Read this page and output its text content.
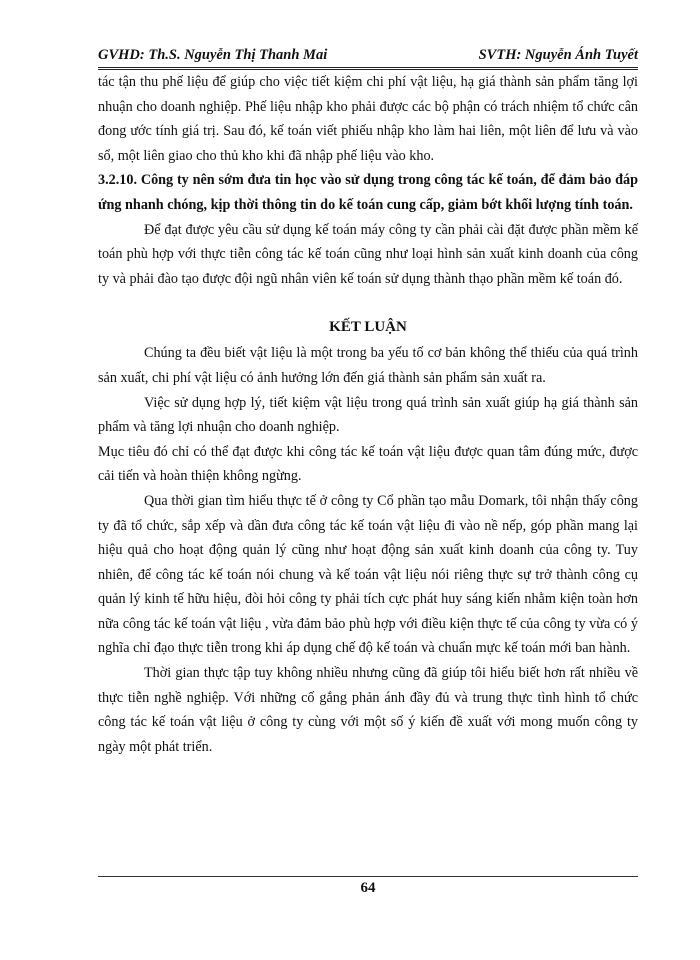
GVHD: Th.S. Nguyễn Thị Thanh Mai	SVTH: Nguyễn Ánh Tuyết

tác tận thu phế liệu để giúp cho việc tiết kiệm chi phí vật liệu, hạ giá thành sản phẩm tăng lợi nhuận cho doanh nghiệp. Phế liệu nhập kho phải được các bộ phận có trách nhiệm tổ chức cân đong ước tính giá trị. Sau đó, kế toán viết phiếu nhập kho làm hai liên, một liên để lưu và vào sổ, một liên giao cho thủ kho khi đã nhập phế liệu vào kho.

3.2.10. Công ty nên sớm đưa tin học vào sử dụng trong công tác kế toán, để đảm bảo đáp ứng nhanh chóng, kịp thời thông tin do kế toán cung cấp, giảm bớt khối lượng tính toán.

Để đạt được yêu cầu sử dụng kế toán máy công ty cần phải cài đặt được phần mềm kế toán phù hợp với thực tiễn công tác kế toán cũng như loại hình sản xuất kinh doanh của công ty và phải đào tạo được đội ngũ nhân viên kế toán sử dụng thành thạo phần mềm kế toán đó.

KẾT LUẬN

Chúng ta đều biết vật liệu là một trong ba yếu tố cơ bản không thể thiếu của quá trình sản xuất, chi phí vật liệu có ảnh hưởng lớn đến giá thành sản phẩm sản xuất ra.

Việc sử dụng hợp lý, tiết kiệm vật liệu trong quá trình sản xuất giúp hạ giá thành sản phẩm và tăng lợi nhuận cho doanh nghiệp.

Mục tiêu đó chỉ có thể đạt được khi công tác kế toán vật liệu được quan tâm đúng mức, được cải tiến và hoàn thiện không ngừng.

Qua thời gian tìm hiểu thực tế ở công ty Cổ phần tạo mẫu Domark, tôi nhận thấy công ty đã tổ chức, sắp xếp và dần đưa công tác kế toán vật liệu đi vào nề nếp, góp phần mang lại hiệu quả cho hoạt động quản lý cũng như hoạt động sản xuất kinh doanh của công ty. Tuy nhiên, để công tác kế toán nói chung và kế toán vật liệu nói riêng thực sự trở thành công cụ quản lý kinh tế hữu hiệu, đòi hỏi công ty phải tích cực phát huy sáng kiến nhằm kiện toàn hơn nữa công tác kế toán vật liệu , vừa đảm bảo phù hợp với điều kiện thực tế của công ty vừa có ý nghĩa chỉ đạo thực tiễn trong khi áp dụng chế độ kế toán và chuẩn mực kế toán mới ban hành.

Thời gian thực tập tuy không nhiều nhưng cũng đã giúp tôi hiểu biết hơn rất nhiều về thực tiễn nghề nghiệp. Với những cố gắng phản ánh đầy đủ và trung thực tình hình tổ chức công tác kế toán vật liệu ở công ty cùng với một số ý kiến đề xuất với mong muốn công ty ngày một phát triển.

64
